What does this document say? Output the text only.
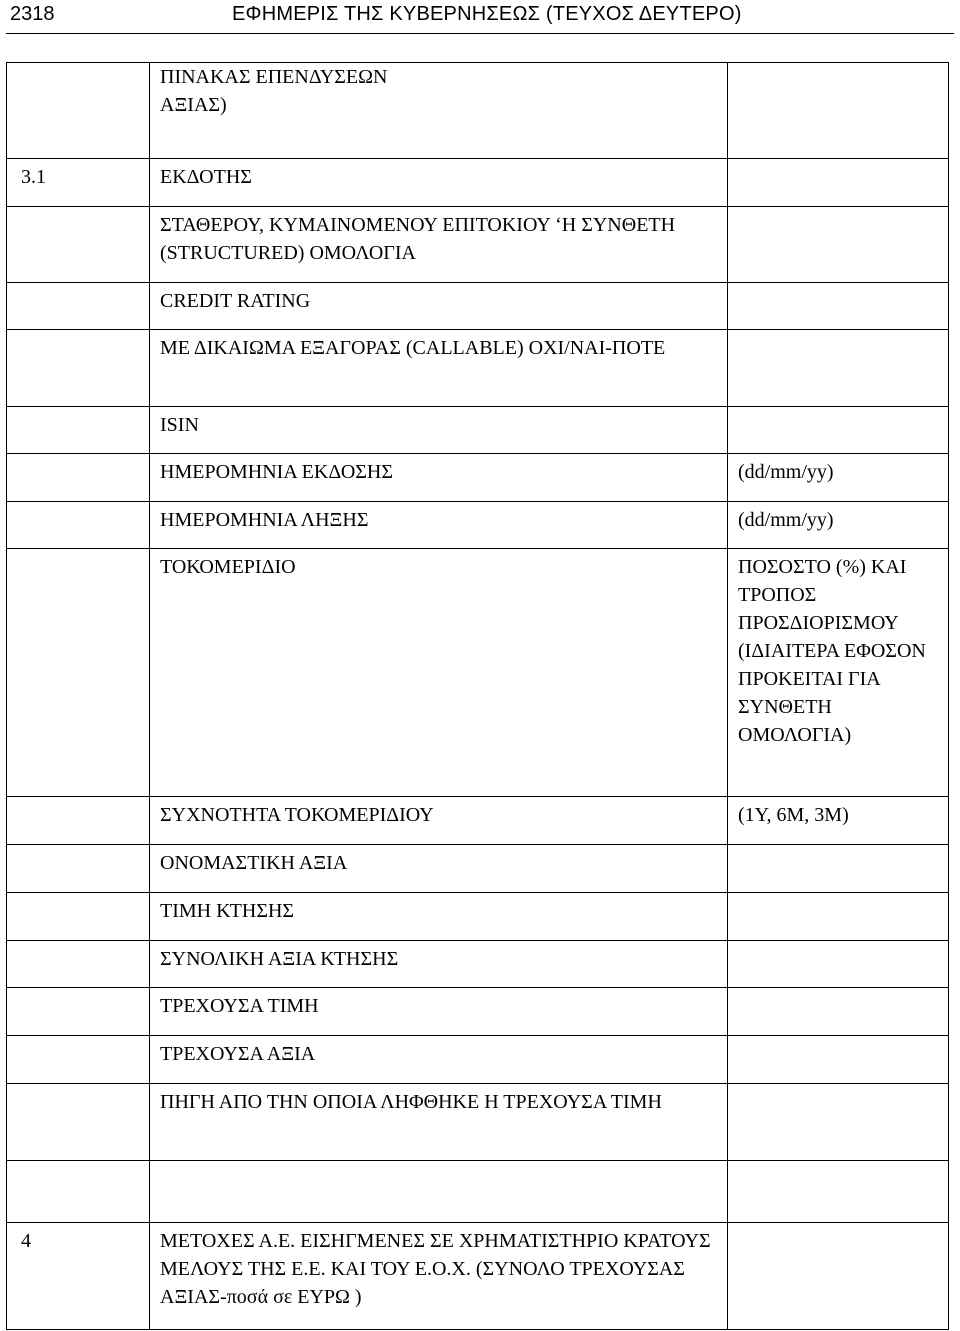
2318	ΕΦΗΜΕΡΙΣ ΤΗΣ ΚΥΒΕΡΝΗΣΕΩΣ (ΤΕΥΧΟΣ ΔΕΥΤΕΡΟ)

	ΠΙΝΑΚΑΣ ΕΠΕΝΔΥΣΕΩΝ
ΑΞΙΑΣ)	

3.1	ΕΚΔΟΤΗΣ	

	ΣΤΑΘΕΡΟΥ, ΚΥΜΑΙΝΟΜΕΝΟΥ ΕΠΙΤΟΚΙΟΥ ‘Η ΣΥΝΘΕΤΗ (STRUCTURED) ΟΜΟΛΟΓΙΑ	

	CREDIT RATING	

	ΜΕ ΔΙΚΑΙΩΜΑ ΕΞΑΓΟΡΑΣ (CALLABLE) ΟΧΙ/ΝΑΙ-ΠΟΤΕ	

	ISIN	

	ΗΜΕΡΟΜΗΝΙΑ ΕΚΔΟΣΗΣ	(dd/mm/yy)

	ΗΜΕΡΟΜΗΝΙΑ ΛΗΞΗΣ	(dd/mm/yy)

	ΤΟΚΟΜΕΡΙΔΙΟ	ΠΟΣΟΣΤΟ (%) ΚΑΙ ΤΡΟΠΟΣ ΠΡΟΣΔΙΟΡΙΣΜΟΥ (ΙΔΙΑΙΤΕΡΑ ΕΦΟΣΟΝ ΠΡΟΚΕΙΤΑΙ ΓΙΑ ΣΥΝΘΕΤΗ ΟΜΟΛΟΓΙΑ)

	ΣΥΧΝΟΤΗΤΑ ΤΟΚΟΜΕΡΙΔΙΟΥ	(1Y, 6M, 3M)

	ΟΝΟΜΑΣΤΙΚΗ ΑΞΙΑ	

	ΤΙΜΗ ΚΤΗΣΗΣ	

	ΣΥΝΟΛΙΚΗ ΑΞΙΑ ΚΤΗΣΗΣ	

	ΤΡΕΧΟΥΣΑ ΤΙΜΗ	

	ΤΡΕΧΟΥΣΑ ΑΞΙΑ	

	ΠΗΓΗ ΑΠΟ ΤΗΝ ΟΠΟΙΑ ΛΗΦΘΗΚΕ Η ΤΡΕΧΟΥΣΑ ΤΙΜΗ	

4	ΜΕΤΟΧΕΣ Α.Ε. ΕΙΣΗΓΜΕΝΕΣ ΣΕ ΧΡΗΜΑΤΙΣΤΗΡΙΟ ΚΡΑΤΟΥΣ ΜΕΛΟΥΣ ΤΗΣ Ε.Ε. ΚΑΙ ΤΟΥ Ε.Ο.Χ. (ΣΥΝΟΛΟ ΤΡΕΧΟΥΣΑΣ ΑΞΙΑΣ-ποσά σε ΕΥΡΩ )	
